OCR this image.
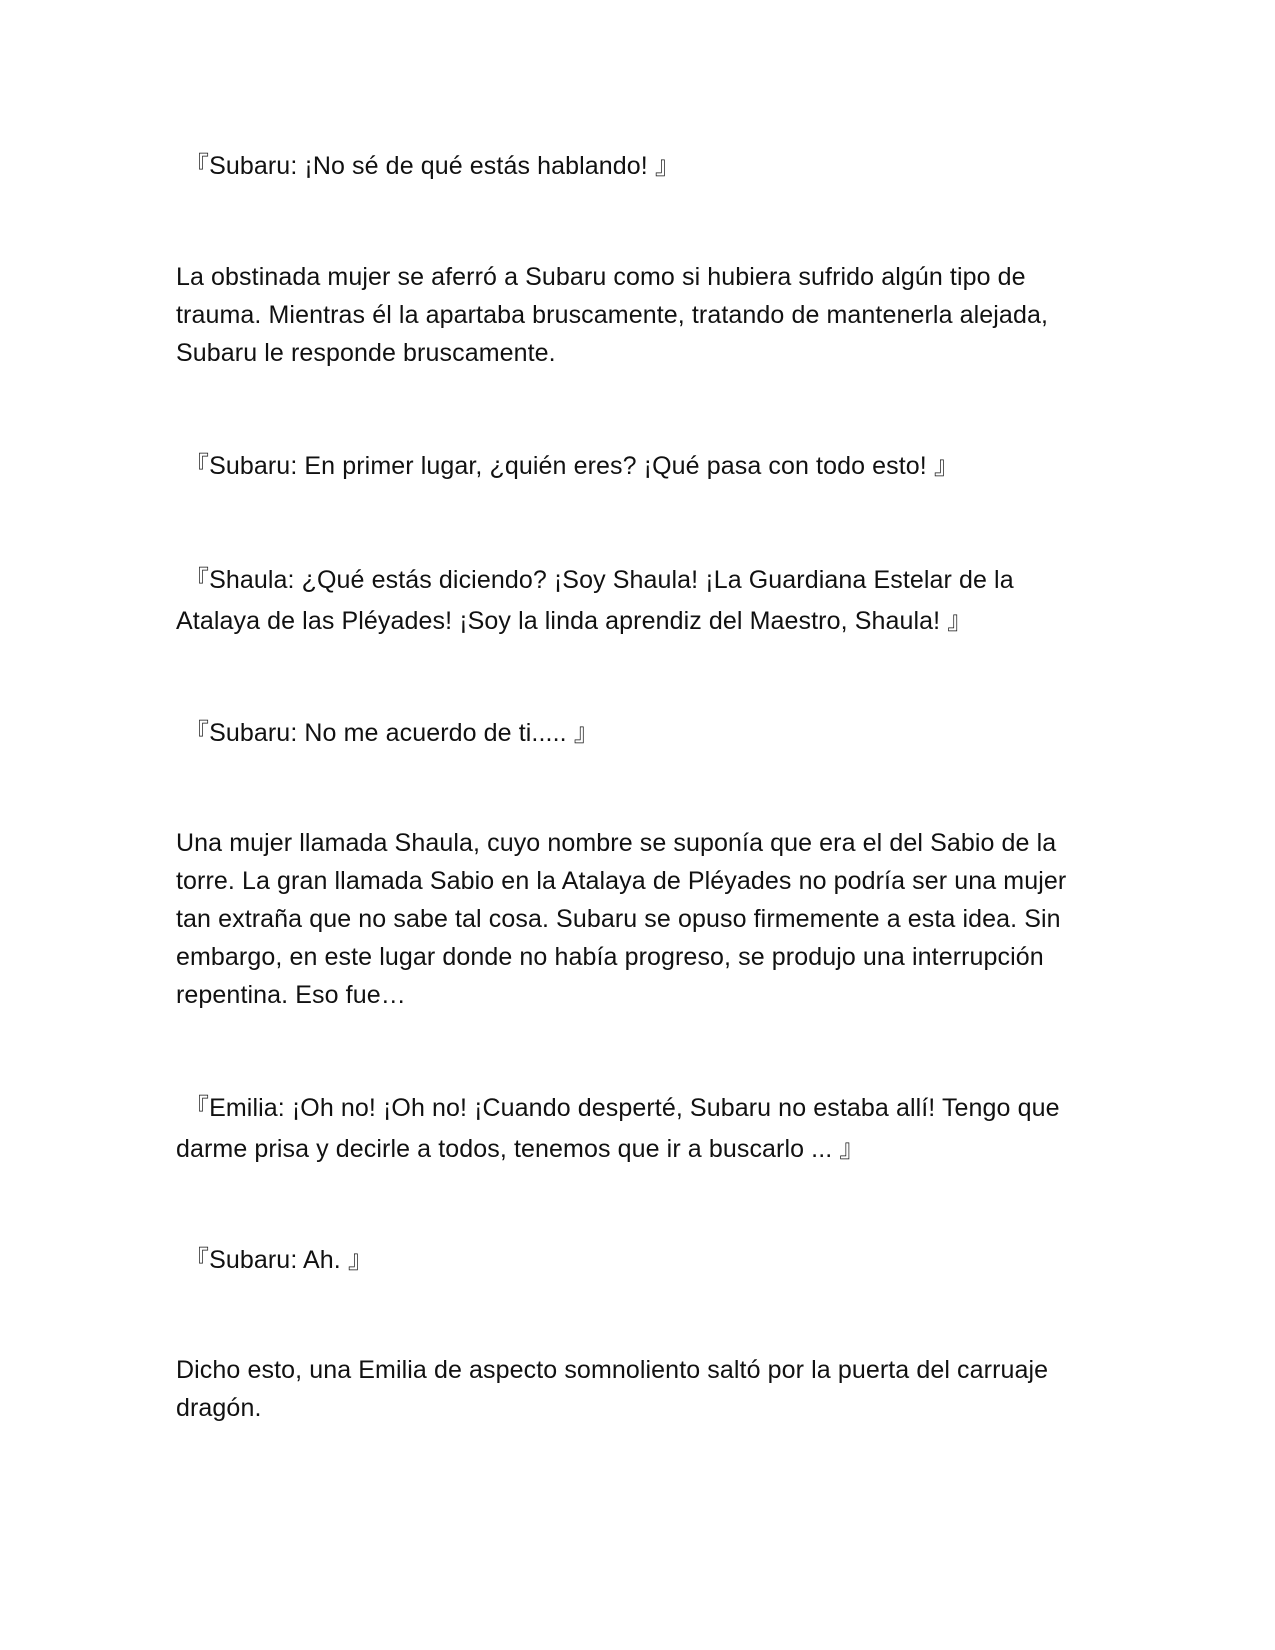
『Subaru: ¡No sé de qué estás hablando! 』

La obstinada mujer se aferró a Subaru como si hubiera sufrido algún tipo de trauma. Mientras él la apartaba bruscamente, tratando de mantenerla alejada, Subaru le responde bruscamente.

『Subaru: En primer lugar, ¿quién eres? ¡Qué pasa con todo esto! 』

『Shaula: ¿Qué estás diciendo? ¡Soy Shaula! ¡La Guardiana Estelar de la Atalaya de las Pléyades! ¡Soy la linda aprendiz del Maestro, Shaula! 』

『Subaru: No me acuerdo de ti..... 』

Una mujer llamada Shaula, cuyo nombre se suponía que era el del Sabio de la torre. La gran llamada Sabio en la Atalaya de Pléyades no podría ser una mujer tan extraña que no sabe tal cosa. Subaru se opuso firmemente a esta idea. Sin embargo, en este lugar donde no había progreso, se produjo una interrupción repentina. Eso fue…

『Emilia: ¡Oh no! ¡Oh no! ¡Cuando desperté, Subaru no estaba allí! Tengo que darme prisa y decirle a todos, tenemos que ir a buscarlo ... 』

『Subaru: Ah. 』

Dicho esto, una Emilia de aspecto somnoliento saltó por la puerta del carruaje dragón.
